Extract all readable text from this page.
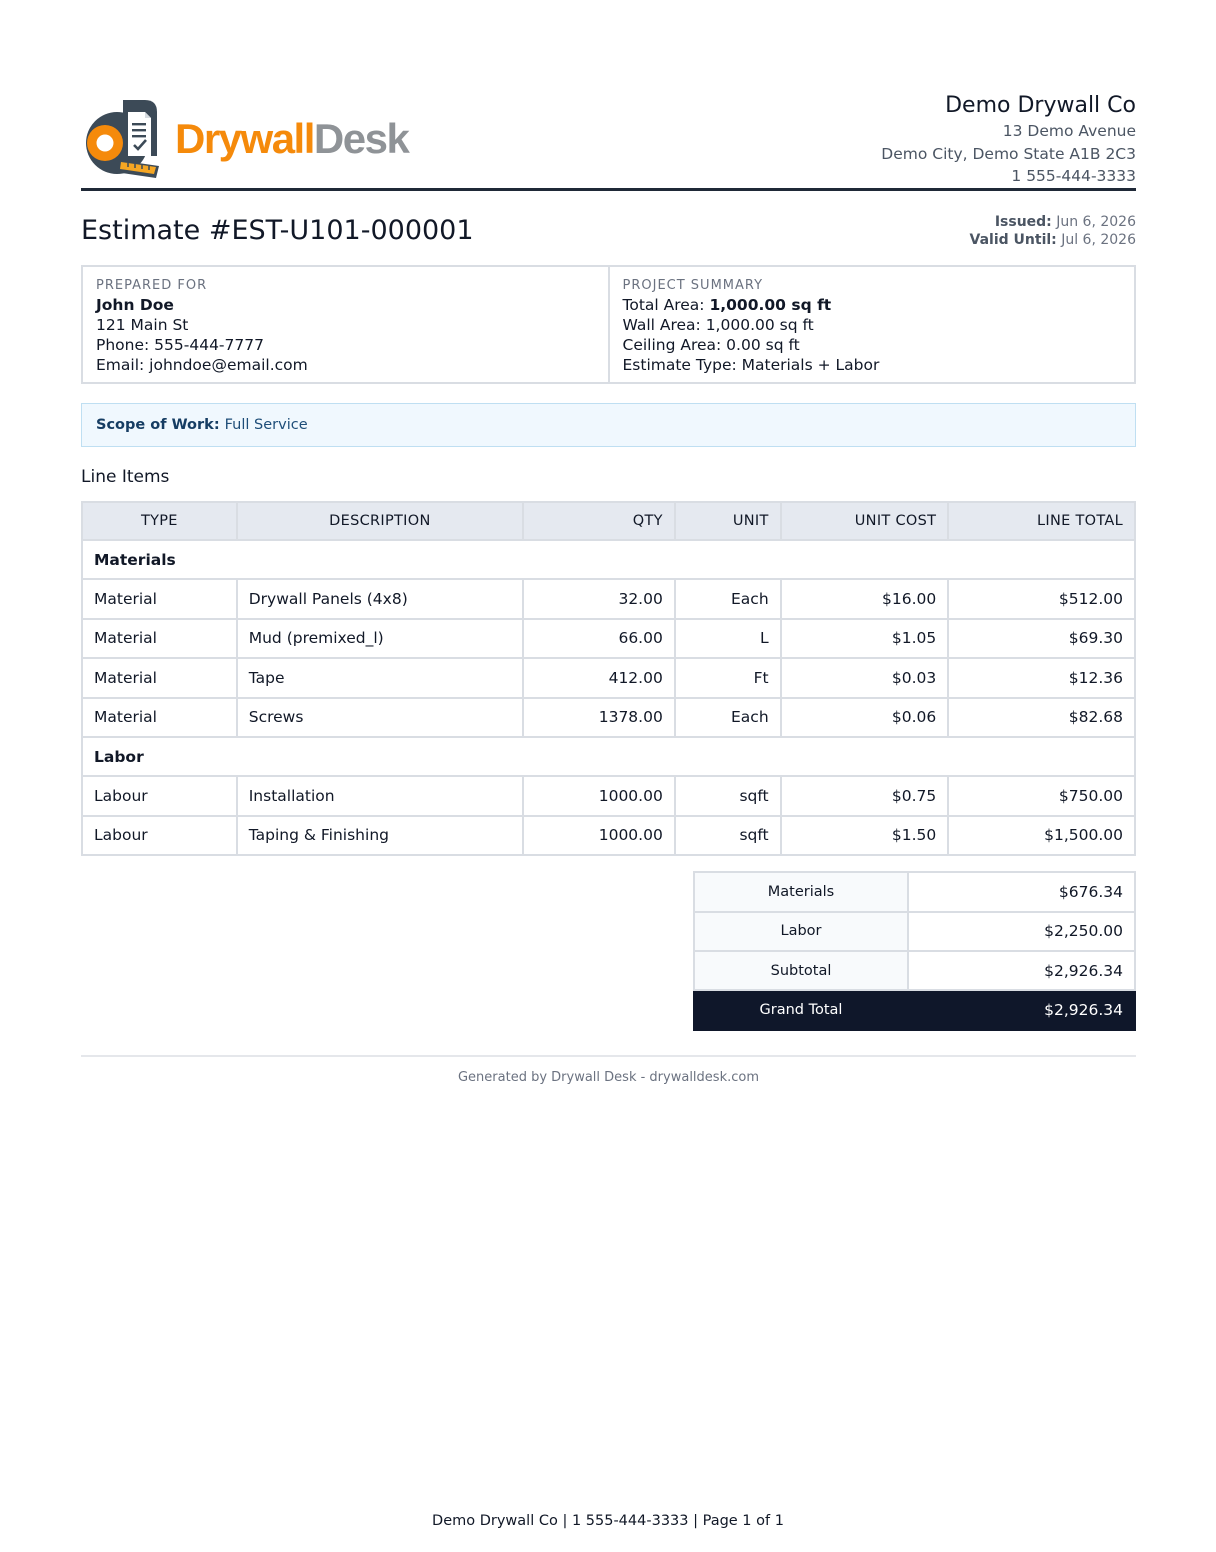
DrywallDesk
Demo Drywall Co
13 Demo Avenue
Demo City, Demo State A1B 2C3
1 555-444-3333
Estimate #EST-U101-000001	Issued: Jun 6, 2026
Valid Until: Jul 6, 2026
PREPARED FOR
John Doe
121 Main St
Phone: 555-444-7777
Email: johndoe@email.com
PROJECT SUMMARY
Total Area: 1,000.00 sq ft
Wall Area: 1,000.00 sq ft
Ceiling Area: 0.00 sq ft
Estimate Type: Materials + Labor
Scope of Work: Full Service
Line Items
TYPE	DESCRIPTION	QTY	UNIT	UNIT COST	LINE TOTAL
Materials					
Material	Drywall Panels (4x8)	32.00	Each	$16.00	$512.00
Material	Mud (premixed_l)	66.00	L	$1.05	$69.30
Material	Tape	412.00	Ft	$0.03	$12.36
Material	Screws	1378.00	Each	$0.06	$82.68
Labor					
Labour	Installation	1000.00	sqft	$0.75	$750.00
Labour	Taping & Finishing	1000.00	sqft	$1.50	$1,500.00
Materials	$676.34
Labor	$2,250.00
Subtotal	$2,926.34
Grand Total	$2,926.34
Generated by Drywall Desk - drywalldesk.com
Demo Drywall Co | 1 555-444-3333 | Page 1 of 1
